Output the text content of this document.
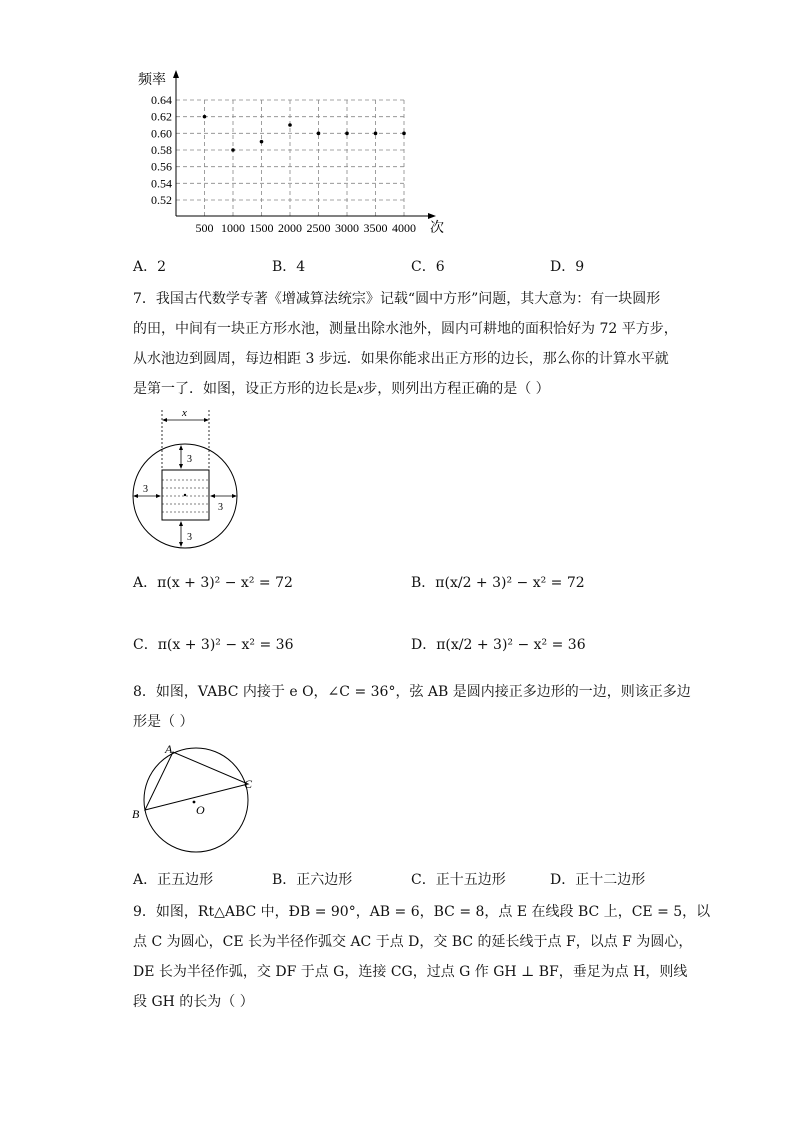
0.52
0.54
0.56
0.58
0.60
0.62
0.64
500 1000 1500 2000 2500 3000 3500 4000
频率
次
A．2	B．4	C．6	D．9
7．我国古代数学专著《增减算法统宗》记载“圆中方形”问题，其大意为：有一块圆形
的田，中间有一块正方形水池，测量出除水池外，圆内可耕地的面积恰好为 72 平方步，
从水池边到圆周，每边相距 3 步远．如果你能求出正方形的边长，那么你的计算水平就
是第一了．如图，设正方形的边长是x步，则列出方程正确的是（ ）
x
3
3
3
3
A．π(x + 3)² − x² = 72	B．π(x/2 + 3)² − x² = 72
C．π(x + 3)² − x² = 36	D．π(x/2 + 3)² − x² = 36
8．如图，VABC 内接于 e O，∠C = 36°，弦 AB 是圆内接正多边形的一边，则该正多边
形是（ ）
A
B
C
O
A．正五边形	B．正六边形	C．正十五边形	D．正十二边形
9．如图，Rt△ABC 中，ÐB = 90°，AB = 6，BC = 8，点 E 在线段 BC 上，CE = 5，以
点 C 为圆心，CE 长为半径作弧交 AC 于点 D，交 BC 的延长线于点 F，以点 F 为圆心，
DE 长为半径作弧，交 DF 于点 G，连接 CG，过点 G 作 GH ⊥ BF，垂足为点 H，则线
段 GH 的长为（ ）
